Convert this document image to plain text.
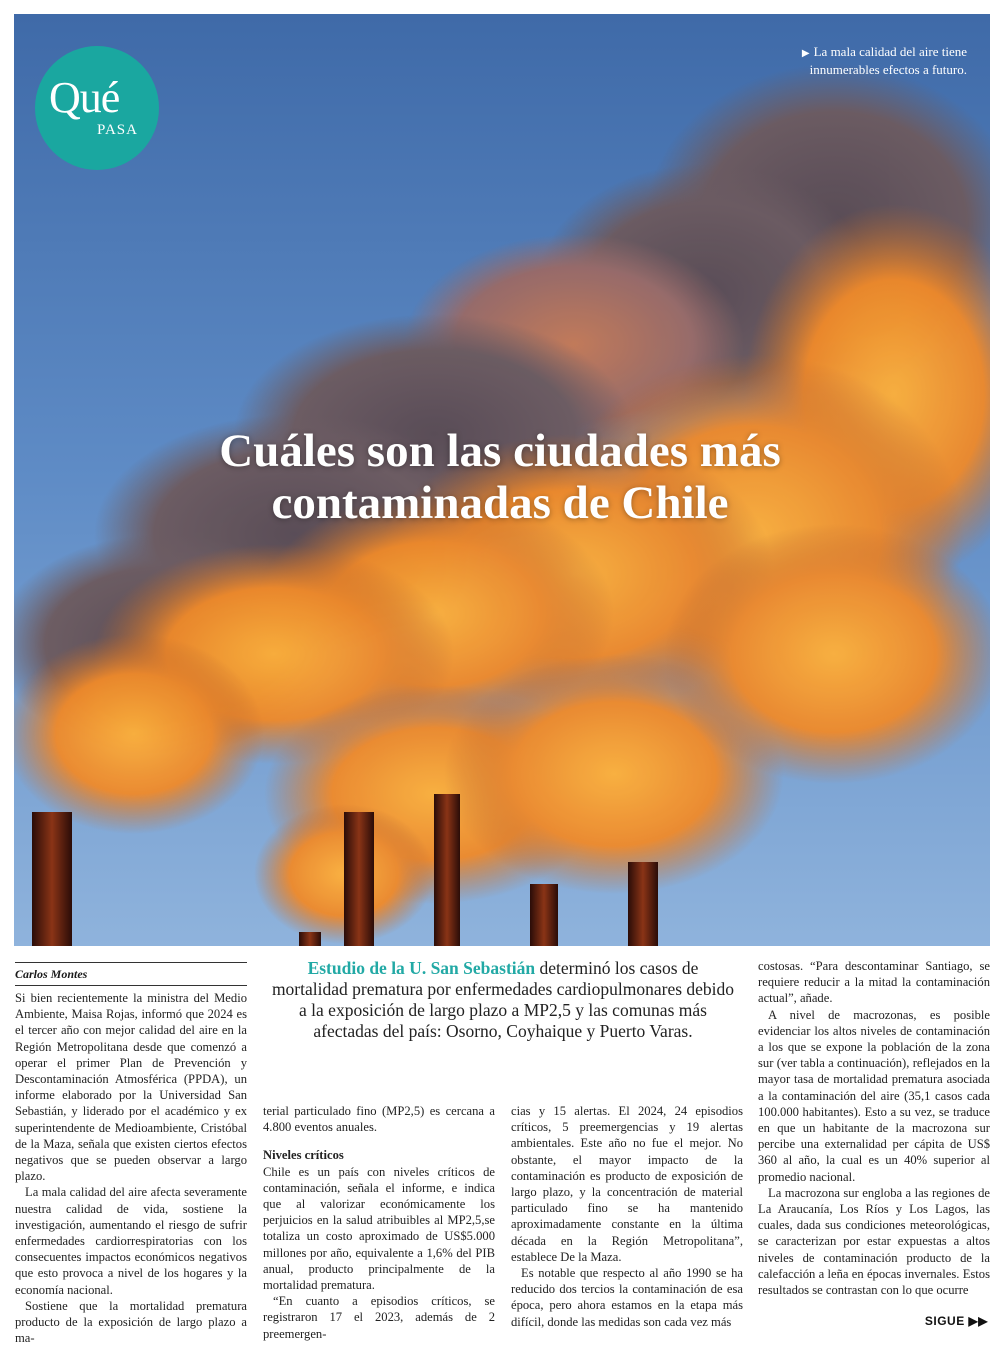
Qué
PASA
▶ La mala calidad del aire tiene innumerables efectos a futuro.
Cuáles son las ciudades más contaminadas de Chile
Carlos Montes	Estudio de la U. San Sebastián determinó los casos de mortalidad prematura por enfermedades cardiopulmonares debido a la exposición de largo plazo a MP2,5 y las comunas más afectadas del país: Osorno, Coyhaique y Puerto Varas.

Si bien recientemente la ministra del Medio Ambiente, Maisa Rojas, informó que 2024 es el tercer año con mejor calidad del aire en la Región Metropolitana desde que comenzó a operar el primer Plan de Prevención y Descontaminación Atmosférica (PPDA), un informe elaborado por la Universidad San Sebastián, y liderado por el académico y ex superintendente de Medioambiente, Cristóbal de la Maza, señala que existen ciertos efectos negativos que se pueden observar a largo plazo.

La mala calidad del aire afecta severamente nuestra calidad de vida, sostiene la investigación, aumentando el riesgo de sufrir enfermedades cardiorrespiratorias con los consecuentes impactos económicos negativos que esto provoca a nivel de los hogares y la economía nacional.

Sostiene que la mortalidad prematura producto de la exposición de largo plazo a ma-

terial particulado fino (MP2,5) es cercana a 4.800 eventos anuales.

Niveles críticos

Chile es un país con niveles críticos de contaminación, señala el informe, e indica que al valorizar económicamente los perjuicios en la salud atribuibles al MP2,5,se totaliza un costo aproximado de US$5.000 millones por año, equivalente a 1,6% del PIB anual, producto principalmente de la mortalidad prematura.

“En cuanto a episodios críticos, se registraron 17 el 2023, además de 2 preemergen-

cias y 15 alertas. El 2024, 24 episodios críticos, 5 preemergencias y 19 alertas ambientales. Este año no fue el mejor. No obstante, el mayor impacto de la contaminación es producto de exposición de largo plazo, y la concentración de material particulado fino se ha mantenido aproximadamente constante en la última década en la Región Metropolitana”, establece De la Maza.

Es notable que respecto al año 1990 se ha reducido dos tercios la contaminación de esa época, pero ahora estamos en la etapa más difícil, donde las medidas son cada vez más

costosas. “Para descontaminar Santiago, se requiere reducir a la mitad la contaminación actual”, añade.

A nivel de macrozonas, es posible evidenciar los altos niveles de contaminación a los que se expone la población de la zona sur (ver tabla a continuación), reflejados en la mayor tasa de mortalidad prematura asociada a la contaminación del aire (35,1 casos cada 100.000 habitantes). Esto a su vez, se traduce en que un habitante de la macrozona sur percibe una externalidad per cápita de US$ 360 al año, la cual es un 40% superior al promedio nacional.

La macrozona sur engloba a las regiones de La Araucanía, Los Ríos y Los Lagos, las cuales, dada sus condiciones meteorológicas, se caracterizan por estar expuestas a altos niveles de contaminación producto de la calefacción a leña en épocas invernales. Estos resultados se contrastan con lo que ocurre

SIGUE ▶▶
